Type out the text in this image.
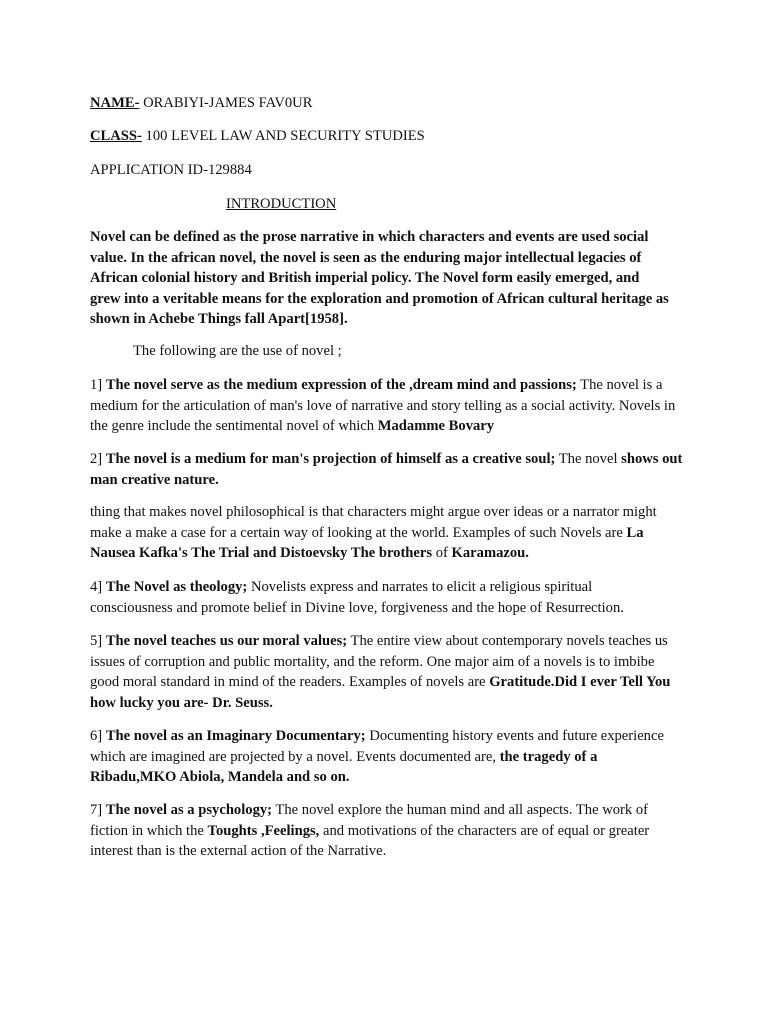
NAME- ORABIYI-JAMES FAV0UR

CLASS- 100 LEVEL LAW AND SECURITY STUDIES

APPLICATION ID-129884

INTRODUCTION

Novel can be defined as the prose narrative in which characters and events are used social value. In the african novel, the novel is seen as the enduring major intellectual legacies of African colonial history and British imperial policy. The Novel form easily emerged, and grew into a veritable means for the exploration and promotion of African cultural heritage as shown in Achebe Things fall Apart[1958].

The following are the use of novel ;

1] The novel serve as the medium expression of the ,dream mind and passions; The novel is a medium for the articulation of man's love of narrative and story telling as a social activity. Novels in the genre include the sentimental novel of which Madamme Bovary

2] The novel is a medium for man's projection of himself as a creative soul; The novel shows out man creative nature.

thing that makes novel philosophical is that characters might argue over ideas or a narrator might make a make a case for a certain way of looking at the world. Examples of such Novels are La Nausea Kafka's The Trial and Distoevsky The brothers of Karamazou.

4] The Novel as theology; Novelists express and narrates to elicit a religious spiritual consciousness and promote belief in Divine love, forgiveness and the hope of Resurrection.

5] The novel teaches us our moral values; The entire view about contemporary novels teaches us issues of corruption and public mortality, and the reform. One major aim of a novels is to imbibe good moral standard in mind of the readers. Examples of novels are Gratitude.Did I ever Tell You how lucky you are- Dr. Seuss.

6] The novel as an Imaginary Documentary; Documenting history events and future experience which are imagined are projected by a novel. Events documented are, the tragedy of a Ribadu,MKO Abiola, Mandela and so on.

7] The novel as a psychology; The novel explore the human mind and all aspects. The work of fiction in which the Toughts ,Feelings, and motivations of the characters are of equal or greater interest than is the external action of the Narrative.
